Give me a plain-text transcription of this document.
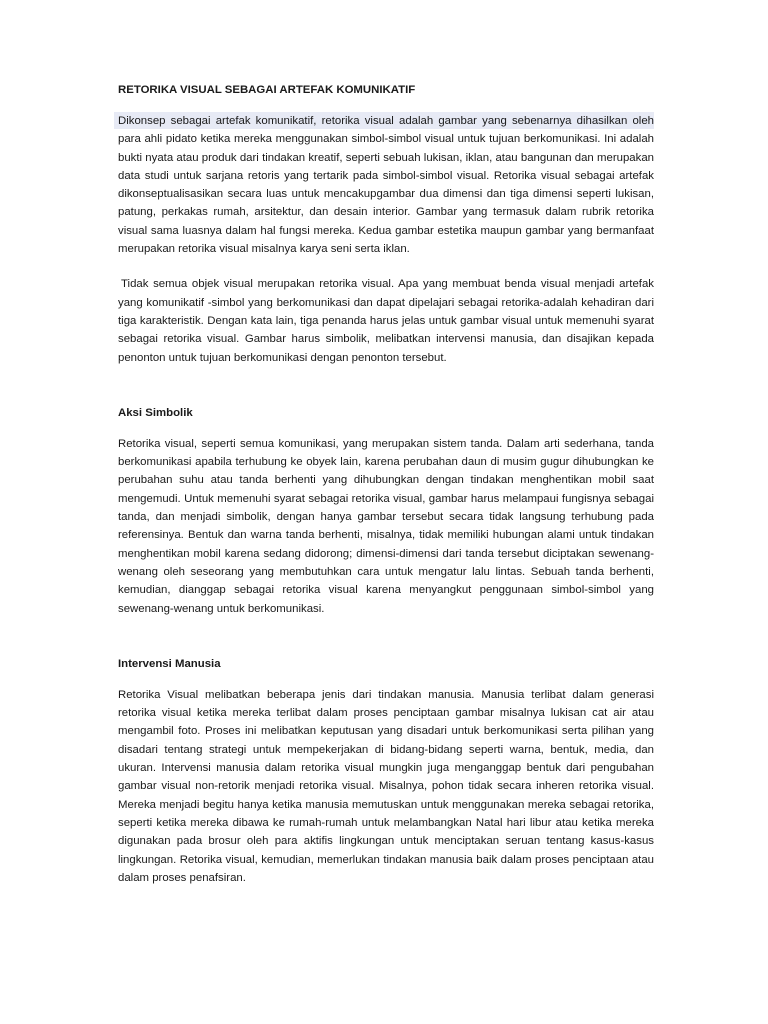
RETORIKA VISUAL SEBAGAI ARTEFAK KOMUNIKATIF

Dikonsep sebagai artefak komunikatif, retorika visual adalah gambar yang sebenarnya dihasilkan oleh para ahli pidato ketika mereka menggunakan simbol-simbol visual untuk tujuan berkomunikasi. Ini adalah bukti nyata atau produk dari tindakan kreatif, seperti sebuah lukisan, iklan, atau bangunan dan merupakan data studi untuk sarjana retoris yang tertarik pada simbol-simbol visual. Retorika visual sebagai artefak dikonseptualisasikan secara luas untuk mencakupgambar dua dimensi dan tiga dimensi seperti lukisan, patung, perkakas rumah, arsitektur, dan desain interior. Gambar yang termasuk dalam rubrik retorika visual sama luasnya dalam hal fungsi mereka. Kedua gambar estetika maupun gambar yang bermanfaat merupakan retorika visual misalnya karya seni serta iklan.

Tidak semua objek visual merupakan retorika visual. Apa yang membuat benda visual menjadi artefak yang komunikatif -simbol yang berkomunikasi dan dapat dipelajari sebagai retorika-adalah kehadiran dari tiga karakteristik. Dengan kata lain, tiga penanda harus jelas untuk gambar visual untuk memenuhi syarat sebagai retorika visual. Gambar harus simbolik, melibatkan intervensi manusia, dan disajikan kepada penonton untuk tujuan berkomunikasi dengan penonton tersebut.

Aksi Simbolik

Retorika visual, seperti semua komunikasi, yang merupakan sistem tanda. Dalam arti sederhana, tanda berkomunikasi apabila terhubung ke obyek lain, karena perubahan daun di musim gugur dihubungkan ke perubahan suhu atau tanda berhenti yang dihubungkan dengan tindakan menghentikan mobil saat mengemudi. Untuk memenuhi syarat sebagai retorika visual, gambar harus melampaui fungisnya sebagai tanda, dan menjadi simbolik, dengan hanya gambar tersebut secara tidak langsung terhubung pada referensinya. Bentuk dan warna tanda berhenti, misalnya, tidak memiliki hubungan alami untuk tindakan menghentikan mobil karena sedang didorong; dimensi-dimensi dari tanda tersebut diciptakan sewenang-wenang oleh seseorang yang membutuhkan cara untuk mengatur lalu lintas. Sebuah tanda berhenti, kemudian, dianggap sebagai retorika visual karena menyangkut penggunaan simbol-simbol yang sewenang-wenang untuk berkomunikasi.

Intervensi Manusia

Retorika Visual melibatkan beberapa jenis dari tindakan manusia. Manusia terlibat dalam generasi retorika visual ketika mereka terlibat dalam proses penciptaan gambar misalnya lukisan cat air atau mengambil foto. Proses ini melibatkan keputusan yang disadari untuk berkomunikasi serta pilihan yang disadari tentang strategi untuk mempekerjakan di bidang-bidang seperti warna, bentuk, media, dan ukuran. Intervensi manusia dalam retorika visual mungkin juga menganggap bentuk dari pengubahan gambar visual non-retorik menjadi retorika visual. Misalnya, pohon tidak secara inheren retorika visual. Mereka menjadi begitu hanya ketika manusia memutuskan untuk menggunakan mereka sebagai retorika, seperti ketika mereka dibawa ke rumah-rumah untuk melambangkan Natal hari libur atau ketika mereka digunakan pada brosur oleh para aktifis lingkungan untuk menciptakan seruan tentang kasus-kasus lingkungan. Retorika visual, kemudian, memerlukan tindakan manusia baik dalam proses penciptaan atau dalam proses penafsiran.
